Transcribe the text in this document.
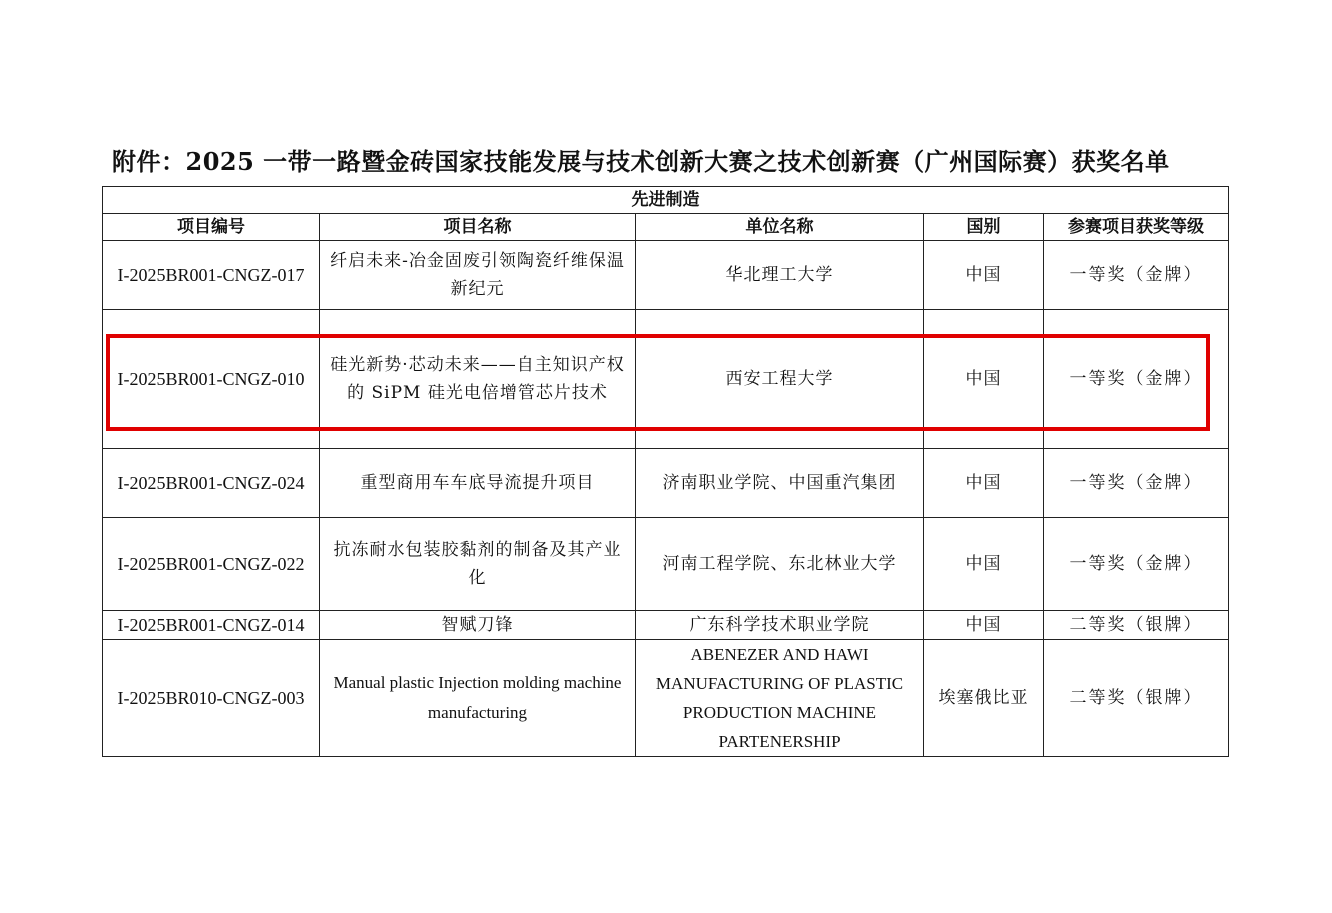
附件：2025 一带一路暨金砖国家技能发展与技术创新大赛之技术创新赛（广州国际赛）获奖名单
先进制造				
项目编号	项目名称	单位名称	国别	参赛项目获奖等级
I-2025BR001-CNGZ-017	纤启未来-冶金固废引领陶瓷纤维保温新纪元	华北理工大学	中国	一等奖（金牌）
I-2025BR001-CNGZ-010	硅光新势·芯动未来——自主知识产权的 SiPM 硅光电倍增管芯片技术	西安工程大学	中国	一等奖（金牌）
I-2025BR001-CNGZ-024	重型商用车车底导流提升项目	济南职业学院、中国重汽集团	中国	一等奖（金牌）
I-2025BR001-CNGZ-022	抗冻耐水包装胶黏剂的制备及其产业化	河南工程学院、东北林业大学	中国	一等奖（金牌）
I-2025BR001-CNGZ-014	智赋刀锋	广东科学技术职业学院	中国	二等奖（银牌）
I-2025BR010-CNGZ-003	Manual plastic Injection molding machine manufacturing	ABENEZER AND HAWI MANUFACTURING OF PLASTIC PRODUCTION MACHINE PARTENERSHIP	埃塞俄比亚	二等奖（银牌）
